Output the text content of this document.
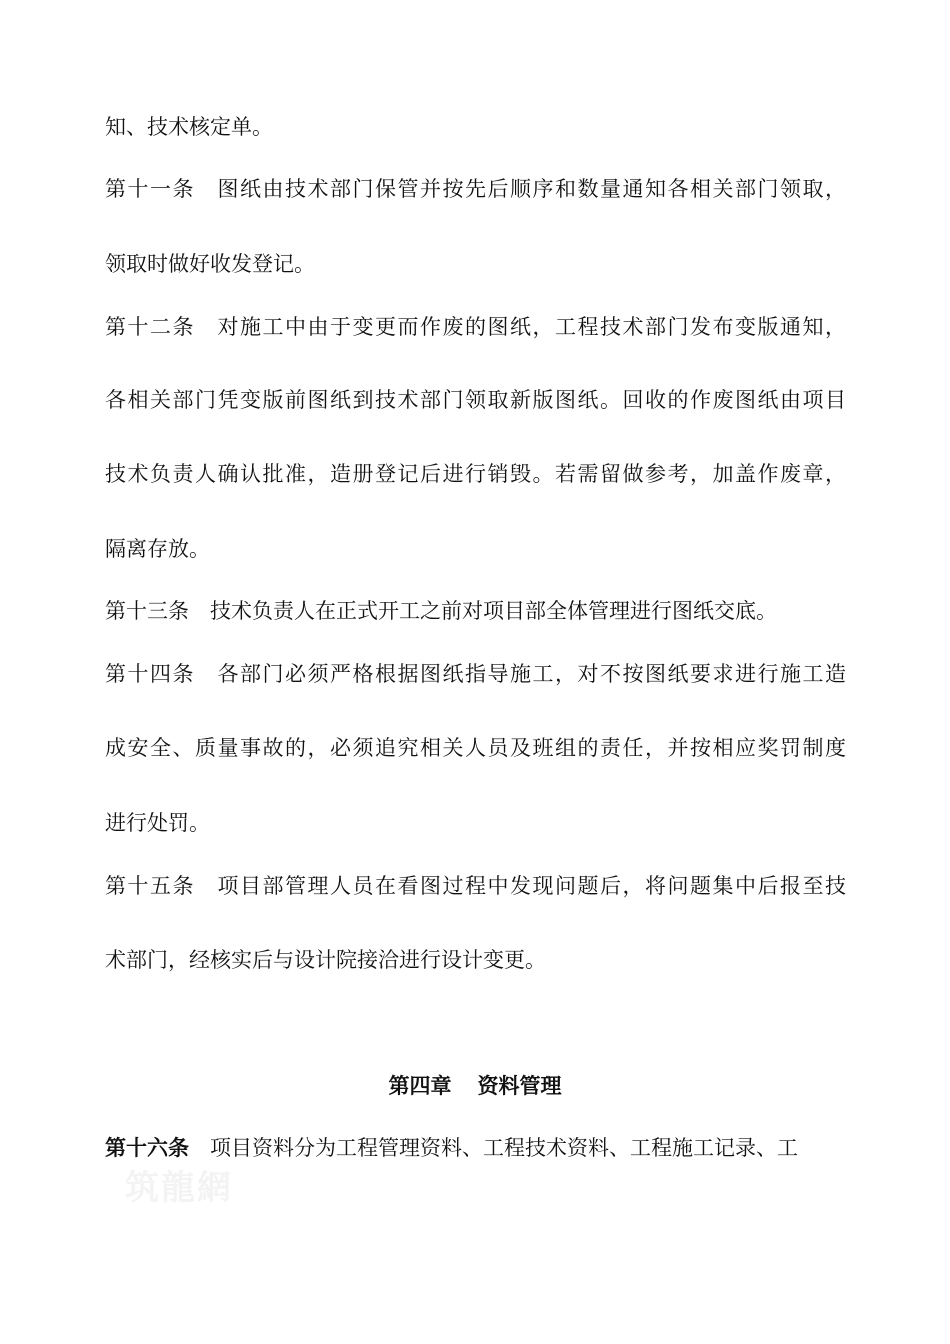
知、技术核定单。

第十一条　图纸由技术部门保管并按先后顺序和数量通知各相关部门领取，

领取时做好收发登记。

第十二条　对施工中由于变更而作废的图纸，工程技术部门发布变版通知，

各相关部门凭变版前图纸到技术部门领取新版图纸。回收的作废图纸由项目

技术负责人确认批准，造册登记后进行销毁。若需留做参考，加盖作废章，

隔离存放。

第十三条　技术负责人在正式开工之前对项目部全体管理进行图纸交底。

第十四条　各部门必须严格根据图纸指导施工，对不按图纸要求进行施工造

成安全、质量事故的，必须追究相关人员及班组的责任，并按相应奖罚制度

进行处罚。

第十五条　项目部管理人员在看图过程中发现问题后，将问题集中后报至技

术部门，经核实后与设计院接洽进行设计变更。

第四章 资料管理

第十六条　项目资料分为工程管理资料、工程技术资料、工程施工记录、工

筑龍網
